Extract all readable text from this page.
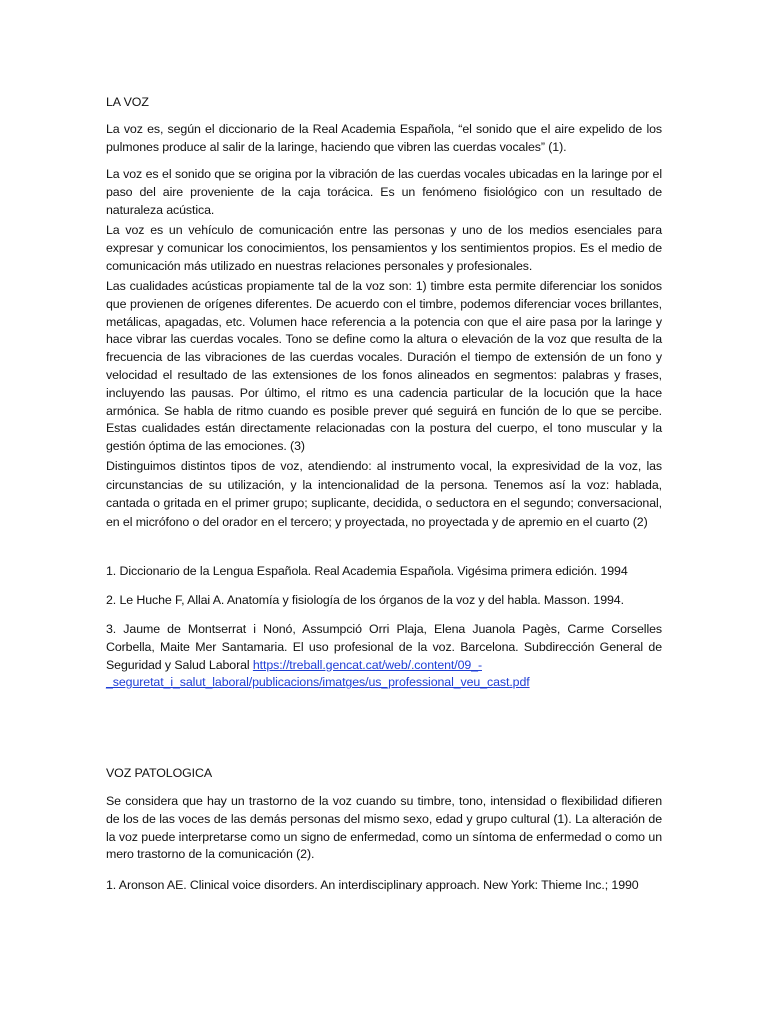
LA VOZ
La voz es, según el diccionario de la Real Academia Española, “el sonido que el aire expelido de los pulmones produce al salir de la laringe, haciendo que vibren las cuerdas vocales” (1).
La voz es el sonido que se origina por la vibración de las cuerdas vocales ubicadas en la laringe por el paso del aire proveniente de la caja torácica. Es un fenómeno fisiológico con un resultado de naturaleza acústica.
La voz es un vehículo de comunicación entre las personas y uno de los medios esenciales para expresar y comunicar los conocimientos, los pensamientos y los sentimientos propios. Es el medio de comunicación más utilizado en nuestras relaciones personales y profesionales.
Las cualidades acústicas propiamente tal de la voz son: 1) timbre esta permite diferenciar los sonidos que provienen de orígenes diferentes. De acuerdo con el timbre, podemos diferenciar voces brillantes, metálicas, apagadas, etc. Volumen hace referencia a la potencia con que el aire pasa por la laringe y hace vibrar las cuerdas vocales. Tono se define como la altura o elevación de la voz que resulta de la frecuencia de las vibraciones de las cuerdas vocales. Duración el tiempo de extensión de un fono y velocidad el resultado de las extensiones de los fonos alineados en segmentos: palabras y frases, incluyendo las pausas. Por último, el ritmo es una cadencia particular de la locución que la hace armónica. Se habla de ritmo cuando es posible prever qué seguirá en función de lo que se percibe. Estas cualidades están directamente relacionadas con la postura del cuerpo, el tono muscular y la gestión óptima de las emociones. (3)
Distinguimos distintos tipos de voz, atendiendo: al instrumento vocal, la expresividad de la voz, las circunstancias de su utilización, y la intencionalidad de la persona. Tenemos así la voz: hablada, cantada o gritada en el primer grupo; suplicante, decidida, o seductora en el segundo; conversacional, en el micrófono o del orador en el tercero; y proyectada, no proyectada y de apremio en el cuarto (2)
1. Diccionario de la Lengua Española. Real Academia Española. Vigésima primera edición. 1994
2. Le Huche F, Allai A. Anatomía y fisiología de los órganos de la voz y del habla. Masson. 1994.
3. Jaume de Montserrat i Nonó, Assumpció Orri Plaja, Elena Juanola Pagès, Carme Corselles Corbella, Maite Mer Santamaria. El uso profesional de la voz. Barcelona. Subdirección General de Seguridad y Salud Laboral https://treball.gencat.cat/web/.content/09_-
_seguretat_i_salut_laboral/publicacions/imatges/us_professional_veu_cast.pdf
VOZ PATOLOGICA
Se considera que hay un trastorno de la voz cuando su timbre, tono, intensidad o flexibilidad difieren de los de las voces de las demás personas del mismo sexo, edad y grupo cultural (1). La alteración de la voz puede interpretarse como un signo de enfermedad, como un síntoma de enfermedad o como un mero trastorno de la comunicación (2).
1. Aronson AE. Clinical voice disorders. An interdisciplinary approach. New York: Thieme Inc.; 1990
